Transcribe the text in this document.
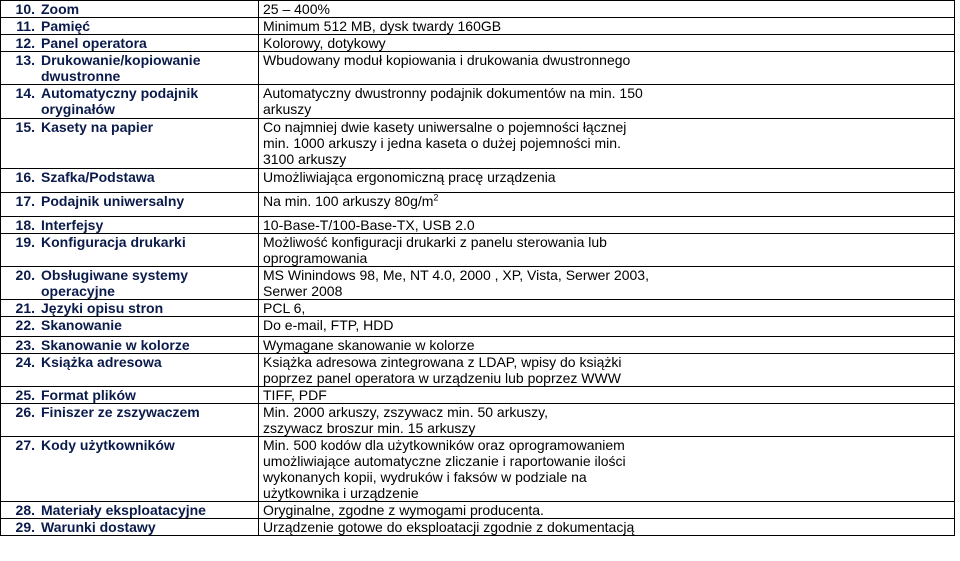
10. Zoom	25 – 400%

11. Pamięć	Minimum 512 MB, dysk twardy 160GB

12. Panel operatora	Kolorowy, dotykowy

13. Drukowanie/kopiowanie
dwustronne	Wbudowany moduł kopiowania i drukowania dwustronnego

14. Automatyczny podajnik
oryginałów	Automatyczny dwustronny podajnik dokumentów na min. 150
arkuszy

15. Kasety na papier	Co najmniej dwie kasety uniwersalne o pojemności łącznej
min. 1000 arkuszy i jedna kaseta o dużej pojemności min.
3100 arkuszy

16. Szafka/Podstawa	Umożliwiająca ergonomiczną pracę urządzenia

17. Podajnik uniwersalny	Na min. 100 arkuszy $80g/m^2$

18. Interfejsy	10-Base-T/100-Base-TX, USB 2.0

19. Konfiguracja drukarki	Możliwość konfiguracji drukarki z panelu sterowania lub
oprogramowania

20. Obsługiwane systemy
operacyjne	MS Winindows 98, Me, NT 4.0, 2000 , XP, Vista, Serwer 2003,
Serwer 2008

21. Języki opisu stron	PCL 6,

22. Skanowanie	Do e-mail, FTP, HDD

23. Skanowanie w kolorze	Wymagane skanowanie w kolorze

24. Książka adresowa	Książka adresowa zintegrowana z LDAP, wpisy do książki
poprzez panel operatora w urządzeniu lub poprzez WWW

25. Format plików	TIFF, PDF

26. Finiszer ze zszywaczem	Min. 2000 arkuszy, zszywacz min. 50 arkuszy,
zszywacz broszur min. 15 arkuszy

27. Kody użytkowników	Min. 500 kodów dla użytkowników oraz oprogramowaniem
umożliwiające automatyczne zliczanie i raportowanie ilości
wykonanych kopii, wydruków i faksów w podziale na
użytkownika i urządzenie

28. Materiały eksploatacyjne	Oryginalne, zgodne z wymogami producenta.

29. Warunki dostawy	Urządzenie gotowe do eksploatacji zgodnie z dokumentacją
